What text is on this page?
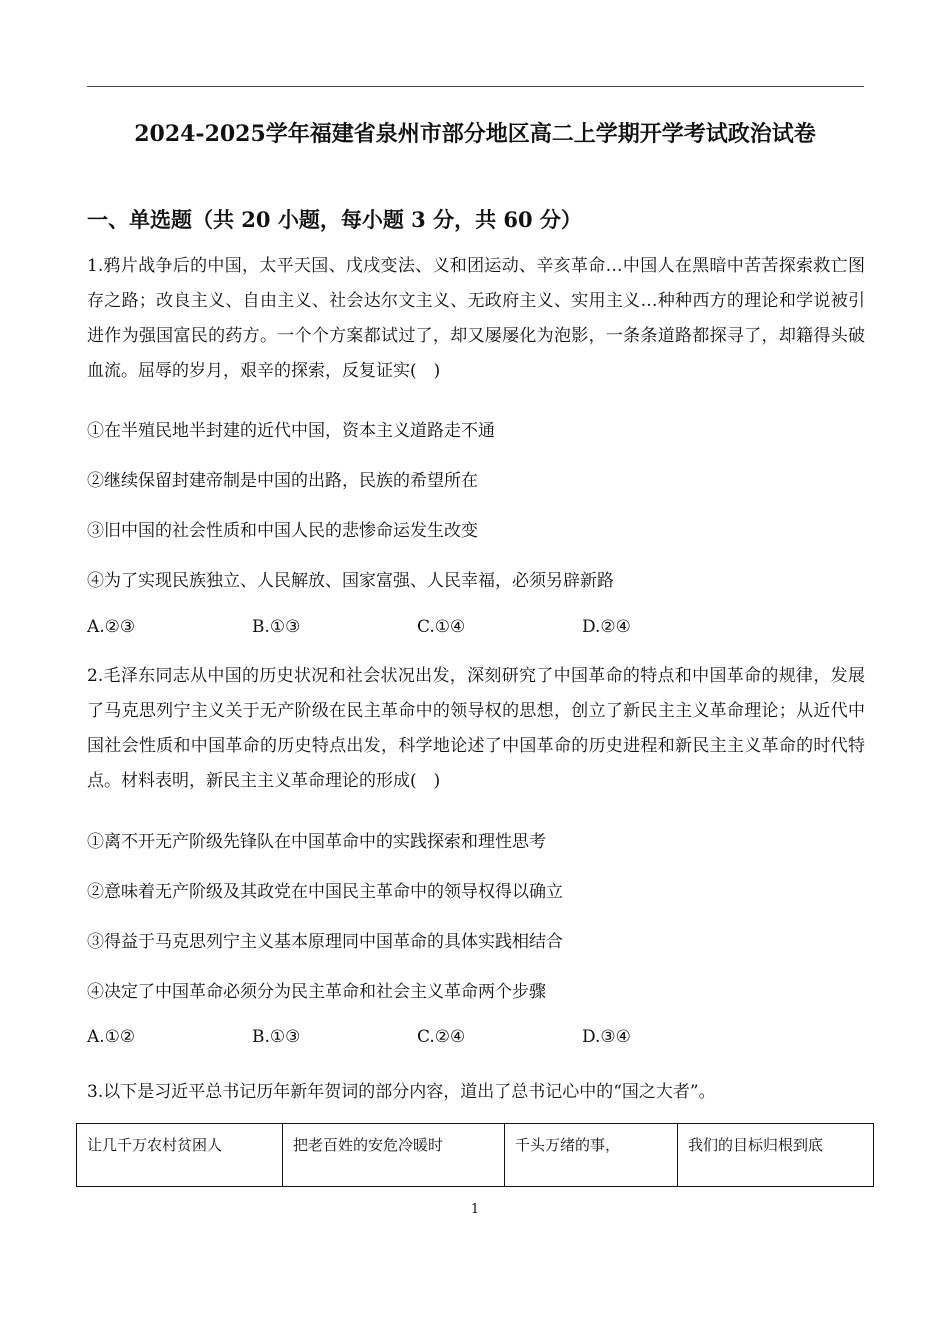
2024-2025学年福建省泉州市部分地区高二上学期开学考试政治试卷
一、单选题（共 20 小题，每小题 3 分，共 60 分）
1.鸦片战争后的中国，太平天国、戊戌变法、义和团运动、辛亥革命…中国人在黑暗中苦苦探索救亡图存之路；改良主义、自由主义、社会达尔文主义、无政府主义、实用主义…种种西方的理论和学说被引进作为强国富民的药方。一个个方案都试过了，却又屡屡化为泡影，一条条道路都探寻了，却籍得头破血流。屈辱的岁月，艰辛的探索，反复证实(　)
①在半殖民地半封建的近代中国，资本主义道路走不通
②继续保留封建帝制是中国的出路，民族的希望所在
③旧中国的社会性质和中国人民的悲惨命运发生改变
④为了实现民族独立、人民解放、国家富强、人民幸福，必须另辟新路
A.②③	B.①③	C.①④	D.②④
2.毛泽东同志从中国的历史状况和社会状况出发，深刻研究了中国革命的特点和中国革命的规律，发展了马克思列宁主义关于无产阶级在民主革命中的领导权的思想，创立了新民主主义革命理论；从近代中国社会性质和中国革命的历史特点出发，科学地论述了中国革命的历史进程和新民主主义革命的时代特点。材料表明，新民主主义革命理论的形成(　)
①离不开无产阶级先锋队在中国革命中的实践探索和理性思考
②意味着无产阶级及其政党在中国民主革命中的领导权得以确立
③得益于马克思列宁主义基本原理同中国革命的具体实践相结合
④决定了中国革命必须分为民主革命和社会主义革命两个步骤
A.①②	B.①③	C.②④	D.③④
3.以下是习近平总书记历年新年贺词的部分内容，道出了总书记心中的“国之大者”。
让几千万农村贫困人	把老百姓的安危冷暖时	千头万绪的事，	我们的目标归根到底
1
